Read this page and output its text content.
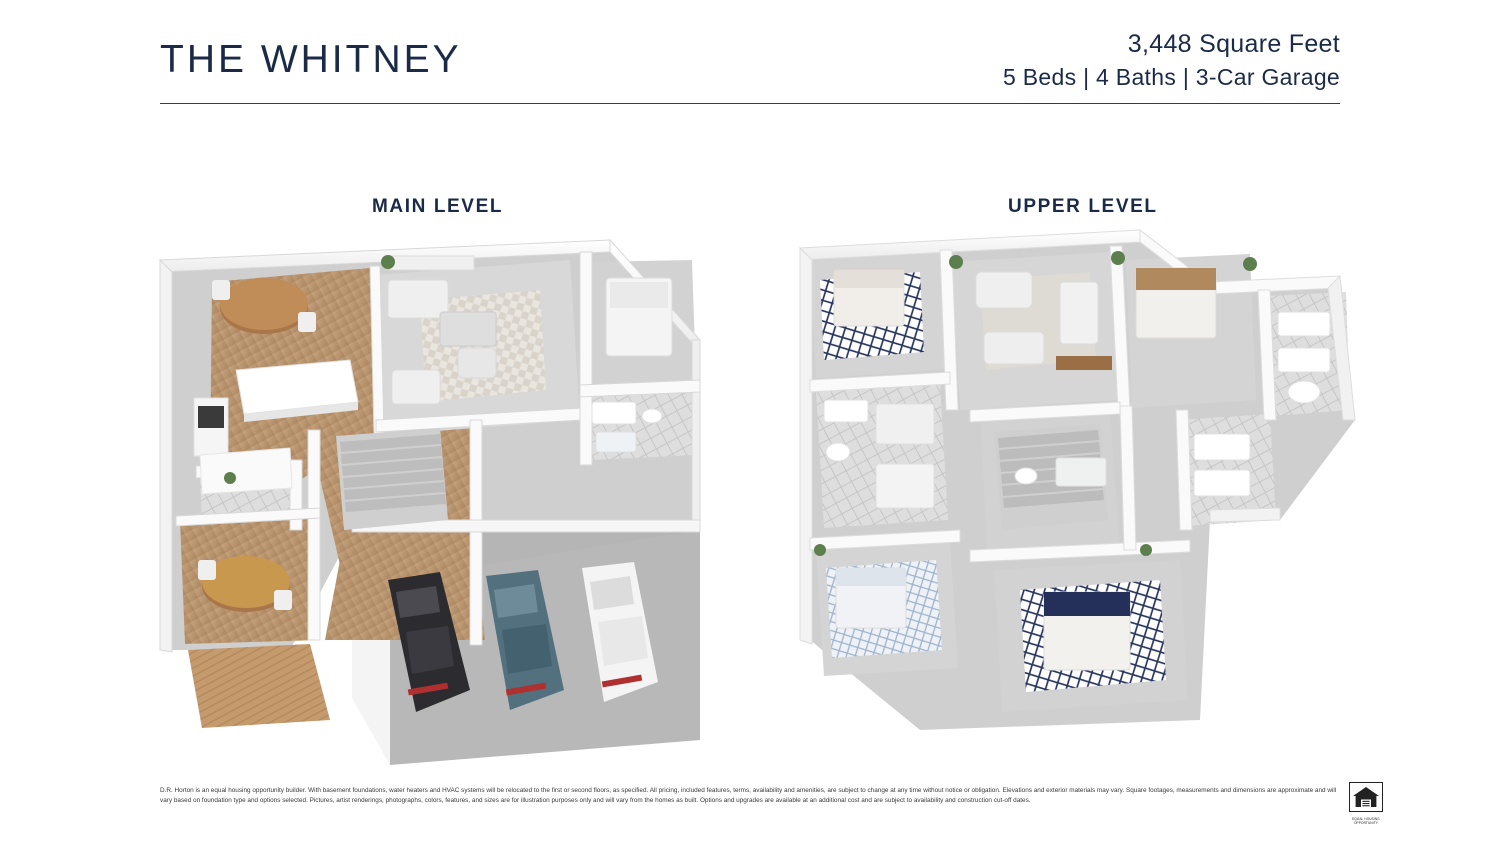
THE WHITNEY	3,448 Square Feet
5 Beds | 4 Baths | 3-Car Garage
MAIN LEVEL	UPPER LEVEL
D.R. Horton is an equal housing opportunity builder. With basement foundations, water heaters and HVAC systems will be relocated to the first or second floors, as specified. All pricing, included features, terms, availability and amenities, are subject to change at any time without notice or obligation. Elevations and exterior materials may vary. Square footages, measurements and dimensions are approximate and will vary based on foundation type and options selected. Pictures, artist renderings, photographs, colors, features, and sizes are for illustration purposes only and will vary from the homes as built. Options and upgrades are available at an additional cost and are subject to availability and construction cut-off dates.
EQUAL HOUSING OPPORTUNITY
